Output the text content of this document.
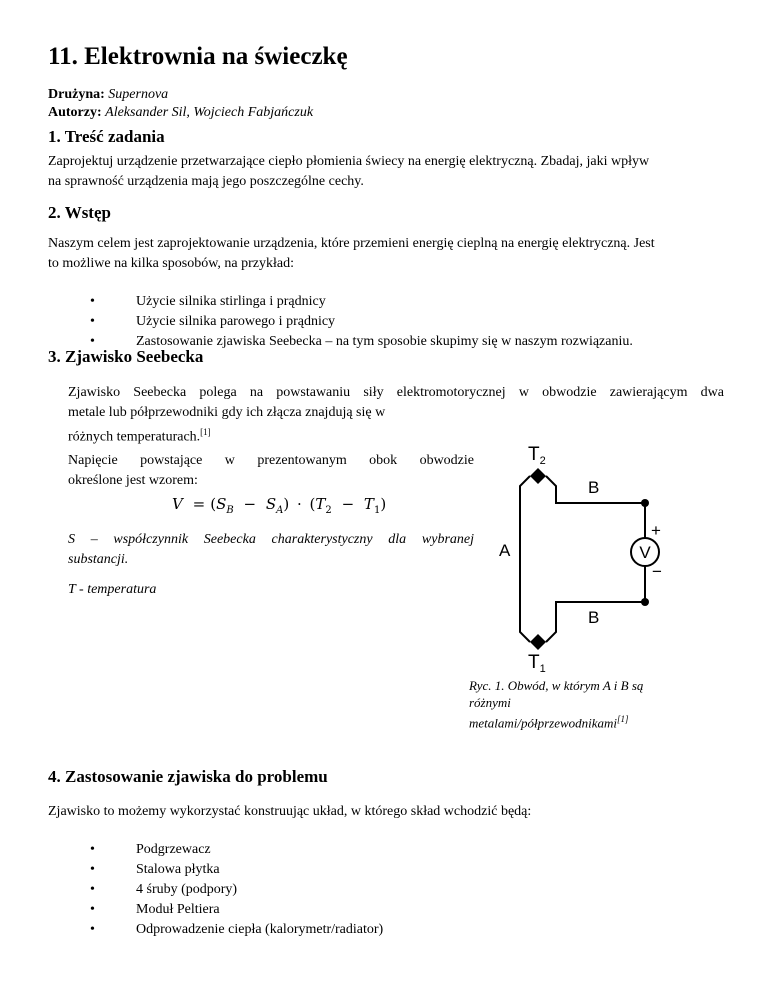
11. Elektrownia na świeczkę
Drużyna: Supernova
Autorzy: Aleksander Sil, Wojciech Fabjańczuk
1. Treść zadania
Zaprojektuj urządzenie przetwarzające ciepło płomienia świecy na energię elektryczną. Zbadaj, jaki wpływ
na sprawność urządzenia mają jego poszczególne cechy.
2. Wstęp
Naszym celem jest zaprojektowanie urządzenia, które przemieni energię cieplną na energię elektryczną. Jest
to możliwe na kilka sposobów, na przykład:
• Użycie silnika stirlinga i prądnicy
• Użycie silnika parowego i prądnicy
• Zastosowanie zjawiska Seebecka – na tym sposobie skupimy się w naszym rozwiązaniu.
3. Zjawisko Seebecka
Zjawisko Seebecka polega na powstawaniu siły elektromotorycznej w obwodzie zawierającym dwa
metale lub półprzewodniki gdy ich złącza znajdują się w
różnych temperaturach.[1]
Napięcie powstające w prezentowanym obok obwodzie
określone jest wzorem:
$V = (S_B - S_A) \cdot (T_2 - T_1)$
S – współczynnik Seebecka charakterystyczny dla wybranej
substancji.
T - temperatura
V
$T_2$
$T_1$
B
B
A
+
−
Ryc. 1. Obwód, w którym A i B są
różnymi
metalami/półprzewodnikami[1]
4. Zastosowanie zjawiska do problemu
Zjawisko to możemy wykorzystać konstruując układ, w którego skład wchodzić będą:
• Podgrzewacz
• Stalowa płytka
• 4 śruby (podpory)
• Moduł Peltiera
• Odprowadzenie ciepła (kalorymetr/radiator)
